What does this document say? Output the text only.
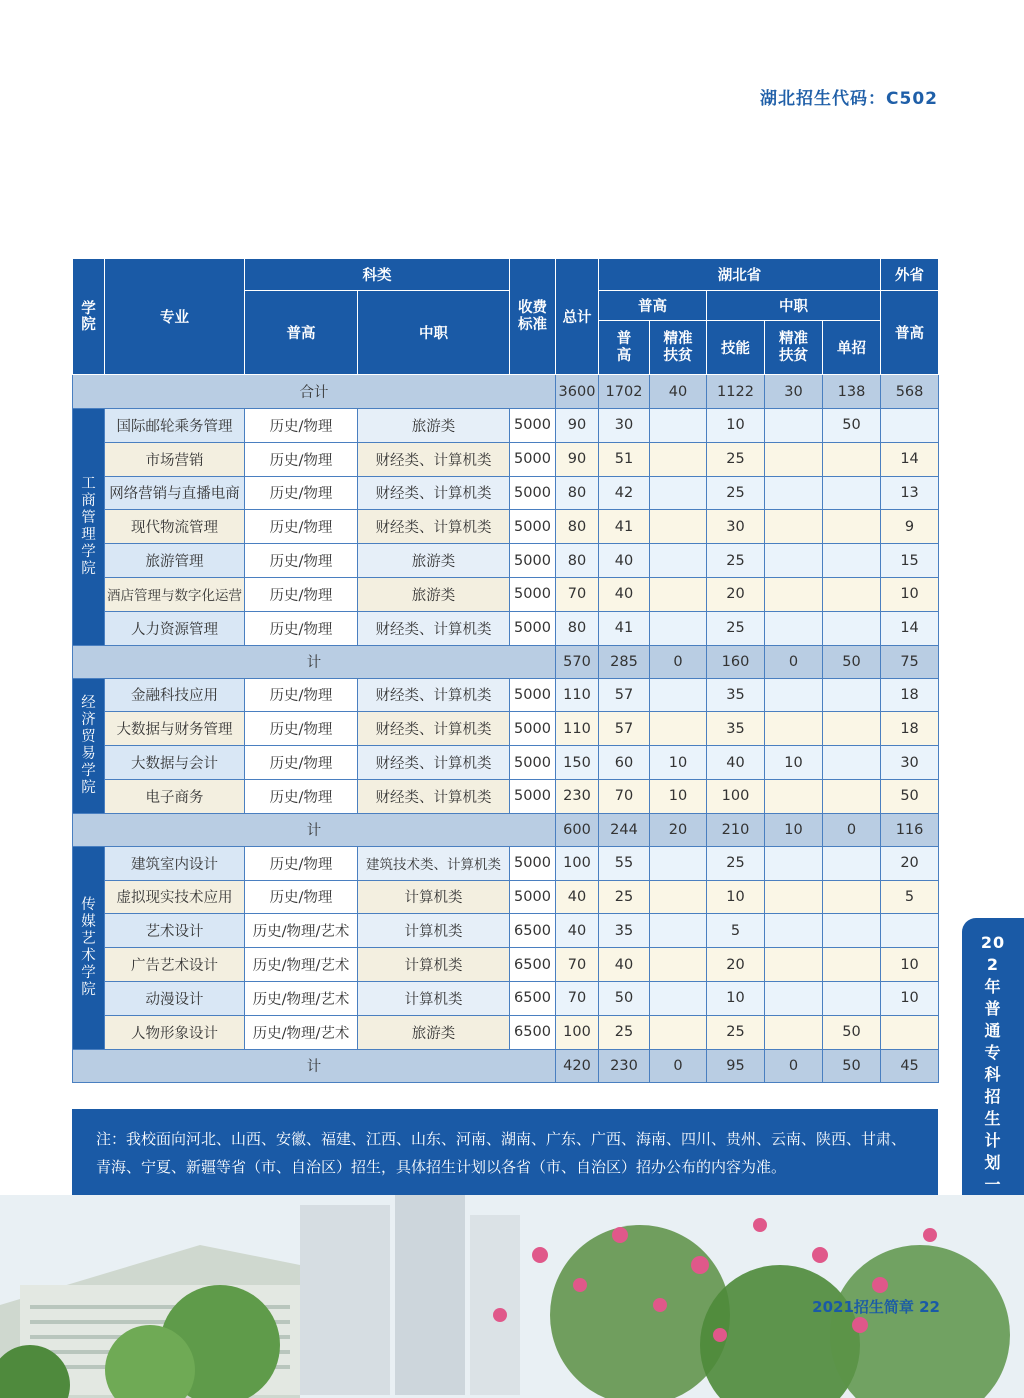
湖北招生代码：C502
学院	专业	科类		收费标准	总计	湖北省					外省
		普高	中职			普高		中职			普高
						普高	精准扶贫	技能	精准扶贫	单招	
合计					3600	1702	40	1122	30	138	568
工商管理学院	国际邮轮乘务管理	历史/物理	旅游类	5000	90	30		10		50	
	市场营销	历史/物理	财经类、计算机类	5000	90	51		25			14
	网络营销与直播电商	历史/物理	财经类、计算机类	5000	80	42		25			13
	现代物流管理	历史/物理	财经类、计算机类	5000	80	41		30			9
	旅游管理	历史/物理	旅游类	5000	80	40		25			15
	酒店管理与数字化运营	历史/物理	旅游类	5000	70	40		20			10
	人力资源管理	历史/物理	财经类、计算机类	5000	80	41		25			14
计					570	285	0	160	0	50	75
经济贸易学院	金融科技应用	历史/物理	财经类、计算机类	5000	110	57		35			18
	大数据与财务管理	历史/物理	财经类、计算机类	5000	110	57		35			18
	大数据与会计	历史/物理	财经类、计算机类	5000	150	60	10	40	10		30
	电子商务	历史/物理	财经类、计算机类	5000	230	70	10	100			50
计					600	244	20	210	10	0	116
传媒艺术学院	建筑室内设计	历史/物理	建筑技术类、计算机类	5000	100	55		25			20
	虚拟现实技术应用	历史/物理	计算机类	5000	40	25		10			5
	艺术设计	历史/物理/艺术	计算机类	6500	40	35		5			
	广告艺术设计	历史/物理/艺术	计算机类	6500	70	40		20			10
	动漫设计	历史/物理/艺术	计算机类	6500	70	50		10			10
	人物形象设计	历史/物理/艺术	旅游类	6500	100	25		25		50	
计					420	230	0	95	0	50	45
注：我校面向河北、山西、安徽、福建、江西、山东、河南、湖南、广东、广西、海南、四川、贵州、云南、陕西、甘肃、青海、宁夏、新疆等省（市、自治区）招生，具体招生计划以各省（市、自治区）招办公布的内容为准。
202年普通专科招生计划一
2021招生简章 22
